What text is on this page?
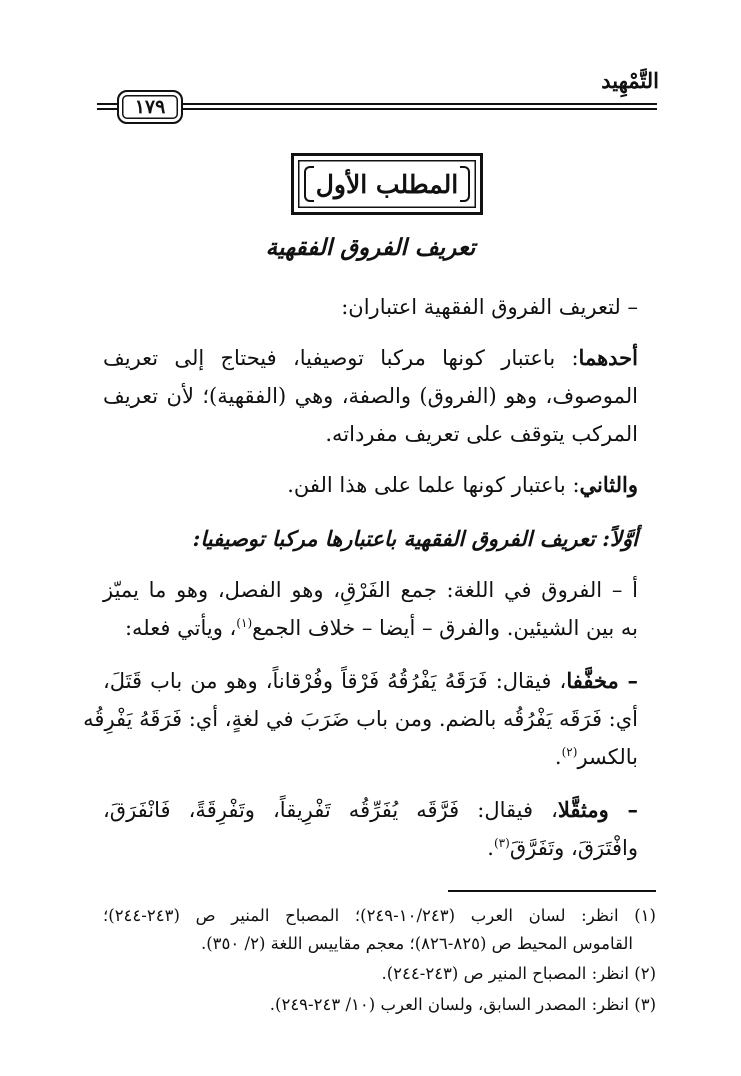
التَّمْهِيد
١٧٩
المطلب الأول
تعريف الفروق الفقهية
– لتعريف الفروق الفقهية اعتباران:
أحدهما: باعتبار كونها مركبا توصيفيا، فيحتاج إلى تعريف
الموصوف، وهو (الفروق) والصفة، وهي (الفقهية)؛ لأن تعريف
المركب يتوقف على تعريف مفرداته.
والثاني: باعتبار كونها علما على هذا الفن.
أوَّلاً: تعريف الفروق الفقهية باعتبارها مركبا توصيفيا:
أ – الفروق في اللغة: جمع الفَرْقِ، وهو الفصل، وهو ما يميّز
به بين الشيئين. والفرق – أيضا – خلاف الجمع$^{(١)}$، ويأتي فعله:
– مخفَّفا، فيقال: فَرَقَهُ يَفْرُقُهُ فَرْقاً وفُرْقاناً، وهو من باب قَتَلَ،
أي: فَرَقَه يَفْرُقُه بالضم. ومن باب ضَرَبَ في لغةٍ، أي: فَرَقَهُ يَفْرِقُه
بالكسر$^{(٢)}$.
– ومثقَّلا، فيقال: فَرَّقَه يُفَرِّقُه تَفْرِيقاً، وتَفْرِقَةً، فَانْفَرَقَ،
وافْتَرَقَ، وتَفَرَّقَ$^{(٣)}$.
(١) انظر: لسان العرب (١٠/٢٤٣-٢٤٩)؛ المصباح المنير ص (٢٤٣-٢٤٤)؛
القاموس المحيط ص (٨٢٥-٨٢٦)؛ معجم مقاييس اللغة (٢/ ٣٥٠).
(٢) انظر: المصباح المنير ص (٢٤٣-٢٤٤).
(٣) انظر: المصدر السابق، ولسان العرب (١٠/ ٢٤٣-٢٤٩).
